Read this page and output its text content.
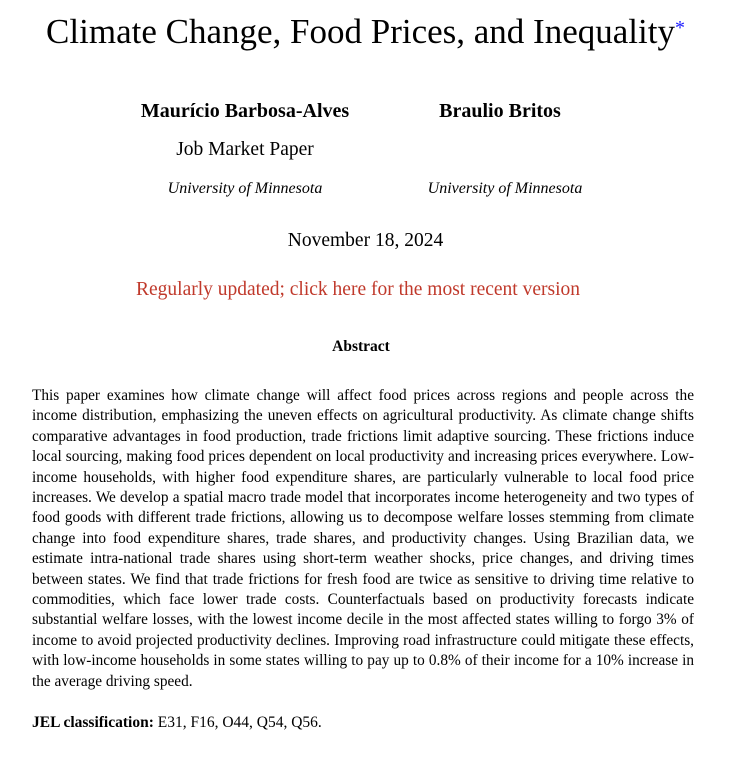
Climate Change, Food Prices, and Inequality*
Maurício Barbosa-Alves	Braulio Britos
Job Market Paper
University of Minnesota	University of Minnesota
November 18, 2024
Regularly updated; click here for the most recent version
Abstract
This paper examines how climate change will affect food prices across regions and people across the income distribution, emphasizing the uneven effects on agricultural productivity. As climate change shifts comparative advantages in food production, trade frictions limit adaptive sourcing. These frictions induce local sourcing, making food prices dependent on local productivity and increasing prices everywhere. Low-income households, with higher food expenditure shares, are particularly vulnerable to local food price increases. We develop a spatial macro trade model that incorporates income heterogeneity and two types of food goods with different trade frictions, allowing us to decompose welfare losses stemming from climate change into food expenditure shares, trade shares, and productivity changes. Using Brazilian data, we estimate intra-national trade shares using short-term weather shocks, price changes, and driving times between states. We find that trade frictions for fresh food are twice as sensitive to driving time relative to commodities, which face lower trade costs. Counterfactuals based on productivity forecasts indicate substantial welfare losses, with the lowest income decile in the most affected states willing to forgo 3% of income to avoid projected productivity declines. Improving road infrastructure could mitigate these effects, with low-income households in some states willing to pay up to 0.8% of their income for a 10% increase in the average driving speed.
JEL classification: E31, F16, O44, Q54, Q56.
